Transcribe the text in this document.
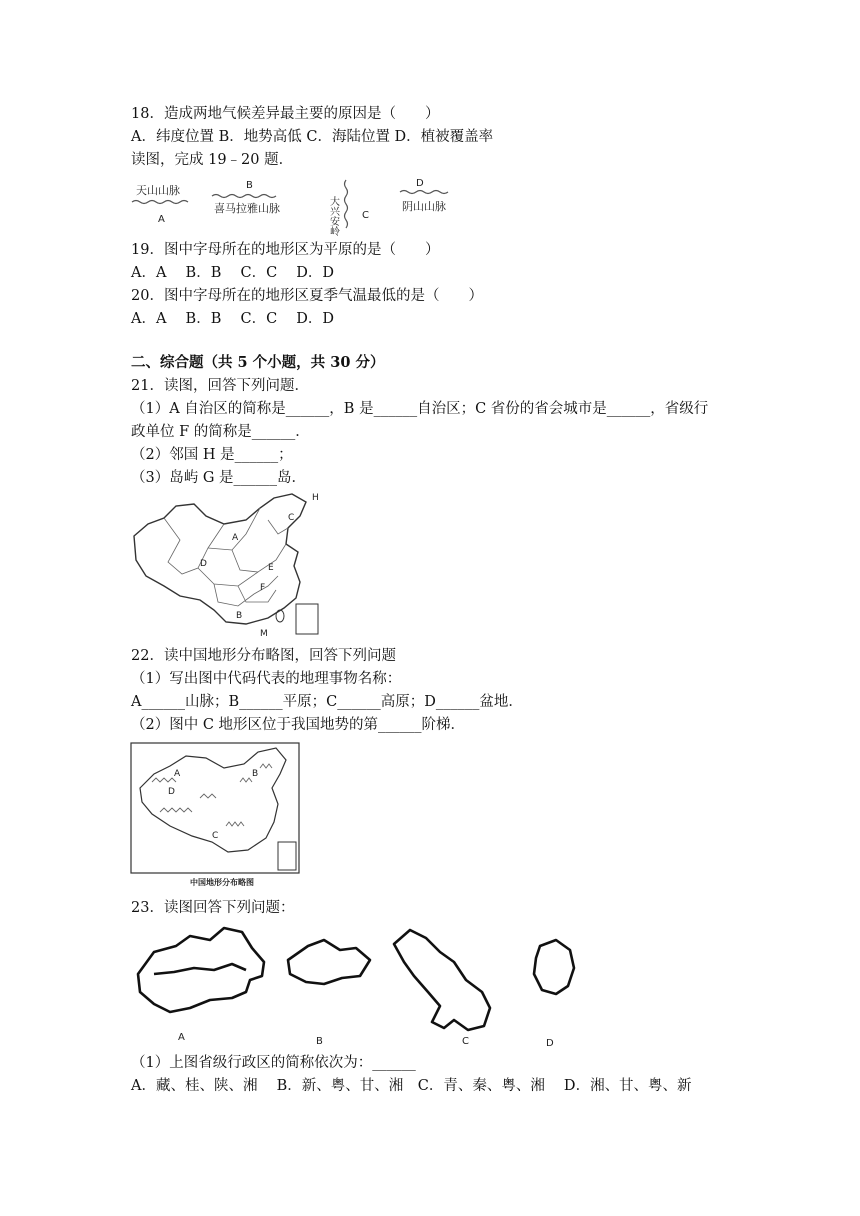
18．造成两地气候差异最主要的原因是（　　）
A．纬度位置 B．地势高低 C．海陆位置 D．植被覆盖率
读图，完成 19﹣20 题．
天山山脉
A
B
喜马拉雅山脉	大兴安岭 C
D
阴山山脉
19．图中字母所在的地形区为平原的是（　　）
A．A　 B．B　 C．C　 D．D
20．图中字母所在的地形区夏季气温最低的是（　　）
A．A　 B．B　 C．C　 D．D
二、综合题（共 5 个小题，共 30 分）
21．读图，回答下列问题．
（1）A 自治区的简称是______，B 是______自治区；C 省份的省会城市是______，省级行
政单位 F 的简称是______．
（2）邻国 H 是______；
（3）岛屿 G 是______岛．
A
D	E
F
B
C
H
M
22．读中国地形分布略图，回答下列问题
（1）写出图中代码代表的地理事物名称：
A______山脉；B______平原；C______高原；D______盆地．
（2）图中 C 地形区位于我国地势的第______阶梯．
A	B
D
C
中国地形分布略图
23．读图回答下列问题：
A	B	C	D
（1）上图省级行政区的简称依次为：______
A．藏、桂、陕、湘　 B．新、粤、甘、湘　C．青、秦、粤、湘　 D．湘、甘、粤、新
